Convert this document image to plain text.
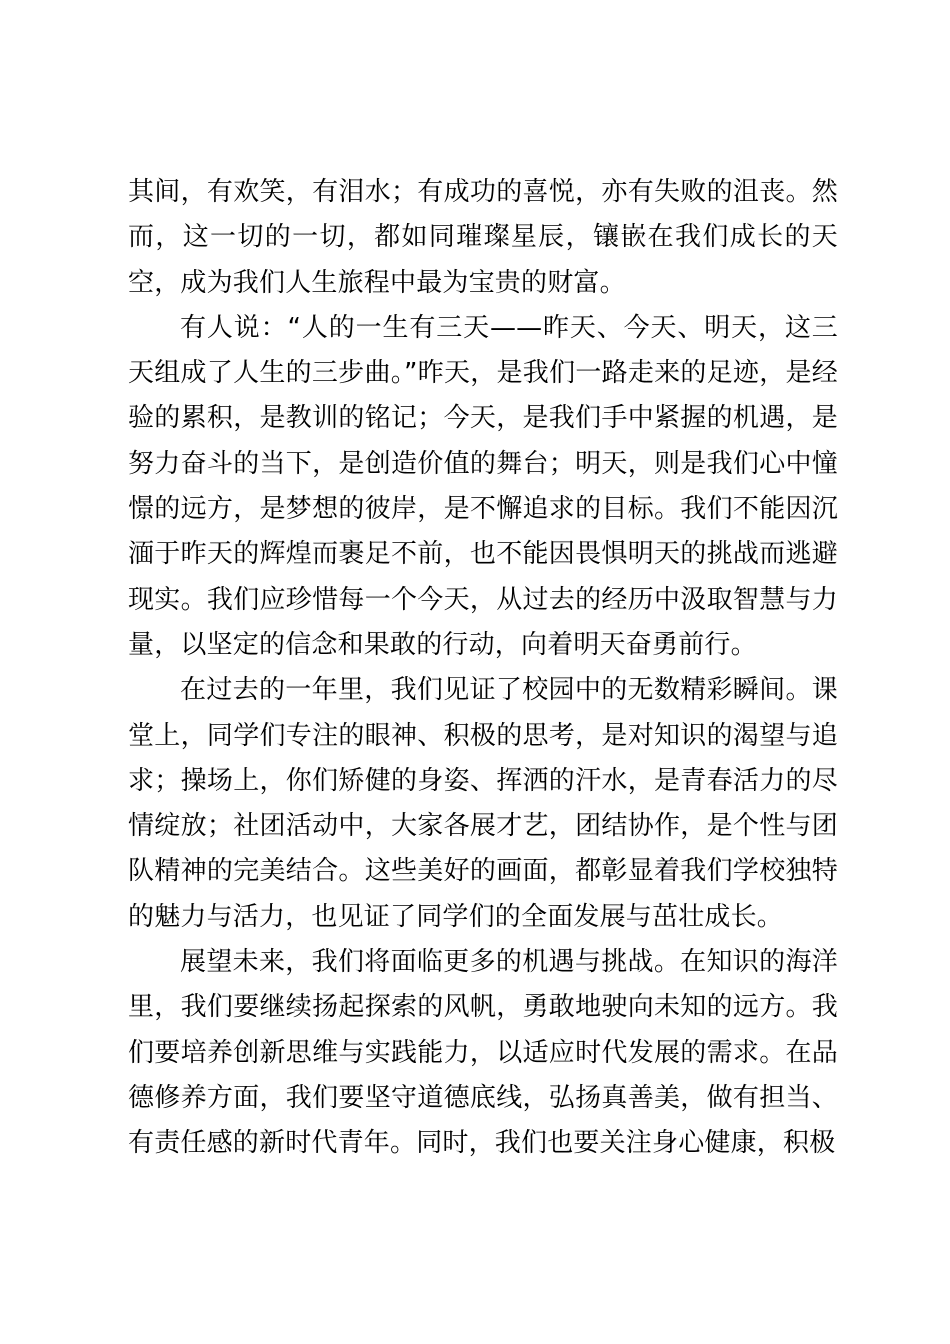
其间，有欢笑，有泪水；有成功的喜悦，亦有失败的沮丧。然而，这一切的一切，都如同璀璨星辰，镶嵌在我们成长的天空，成为我们人生旅程中最为宝贵的财富。

有人说：“人的一生有三天——昨天、今天、明天，这三天组成了人生的三步曲。”昨天，是我们一路走来的足迹，是经验的累积，是教训的铭记；今天，是我们手中紧握的机遇，是努力奋斗的当下，是创造价值的舞台；明天，则是我们心中憧憬的远方，是梦想的彼岸，是不懈追求的目标。我们不能因沉湎于昨天的辉煌而裹足不前，也不能因畏惧明天的挑战而逃避现实。我们应珍惜每一个今天，从过去的经历中汲取智慧与力量，以坚定的信念和果敢的行动，向着明天奋勇前行。

在过去的一年里，我们见证了校园中的无数精彩瞬间。课堂上，同学们专注的眼神、积极的思考，是对知识的渴望与追求；操场上，你们矫健的身姿、挥洒的汗水，是青春活力的尽情绽放；社团活动中，大家各展才艺，团结协作，是个性与团队精神的完美结合。这些美好的画面，都彰显着我们学校独特的魅力与活力，也见证了同学们的全面发展与茁壮成长。

展望未来，我们将面临更多的机遇与挑战。在知识的海洋里，我们要继续扬起探索的风帆，勇敢地驶向未知的远方。我们要培养创新思维与实践能力，以适应时代发展的需求。在品德修养方面，我们要坚守道德底线，弘扬真善美，做有担当、有责任感的新时代青年。同时，我们也要关注身心健康，积极
